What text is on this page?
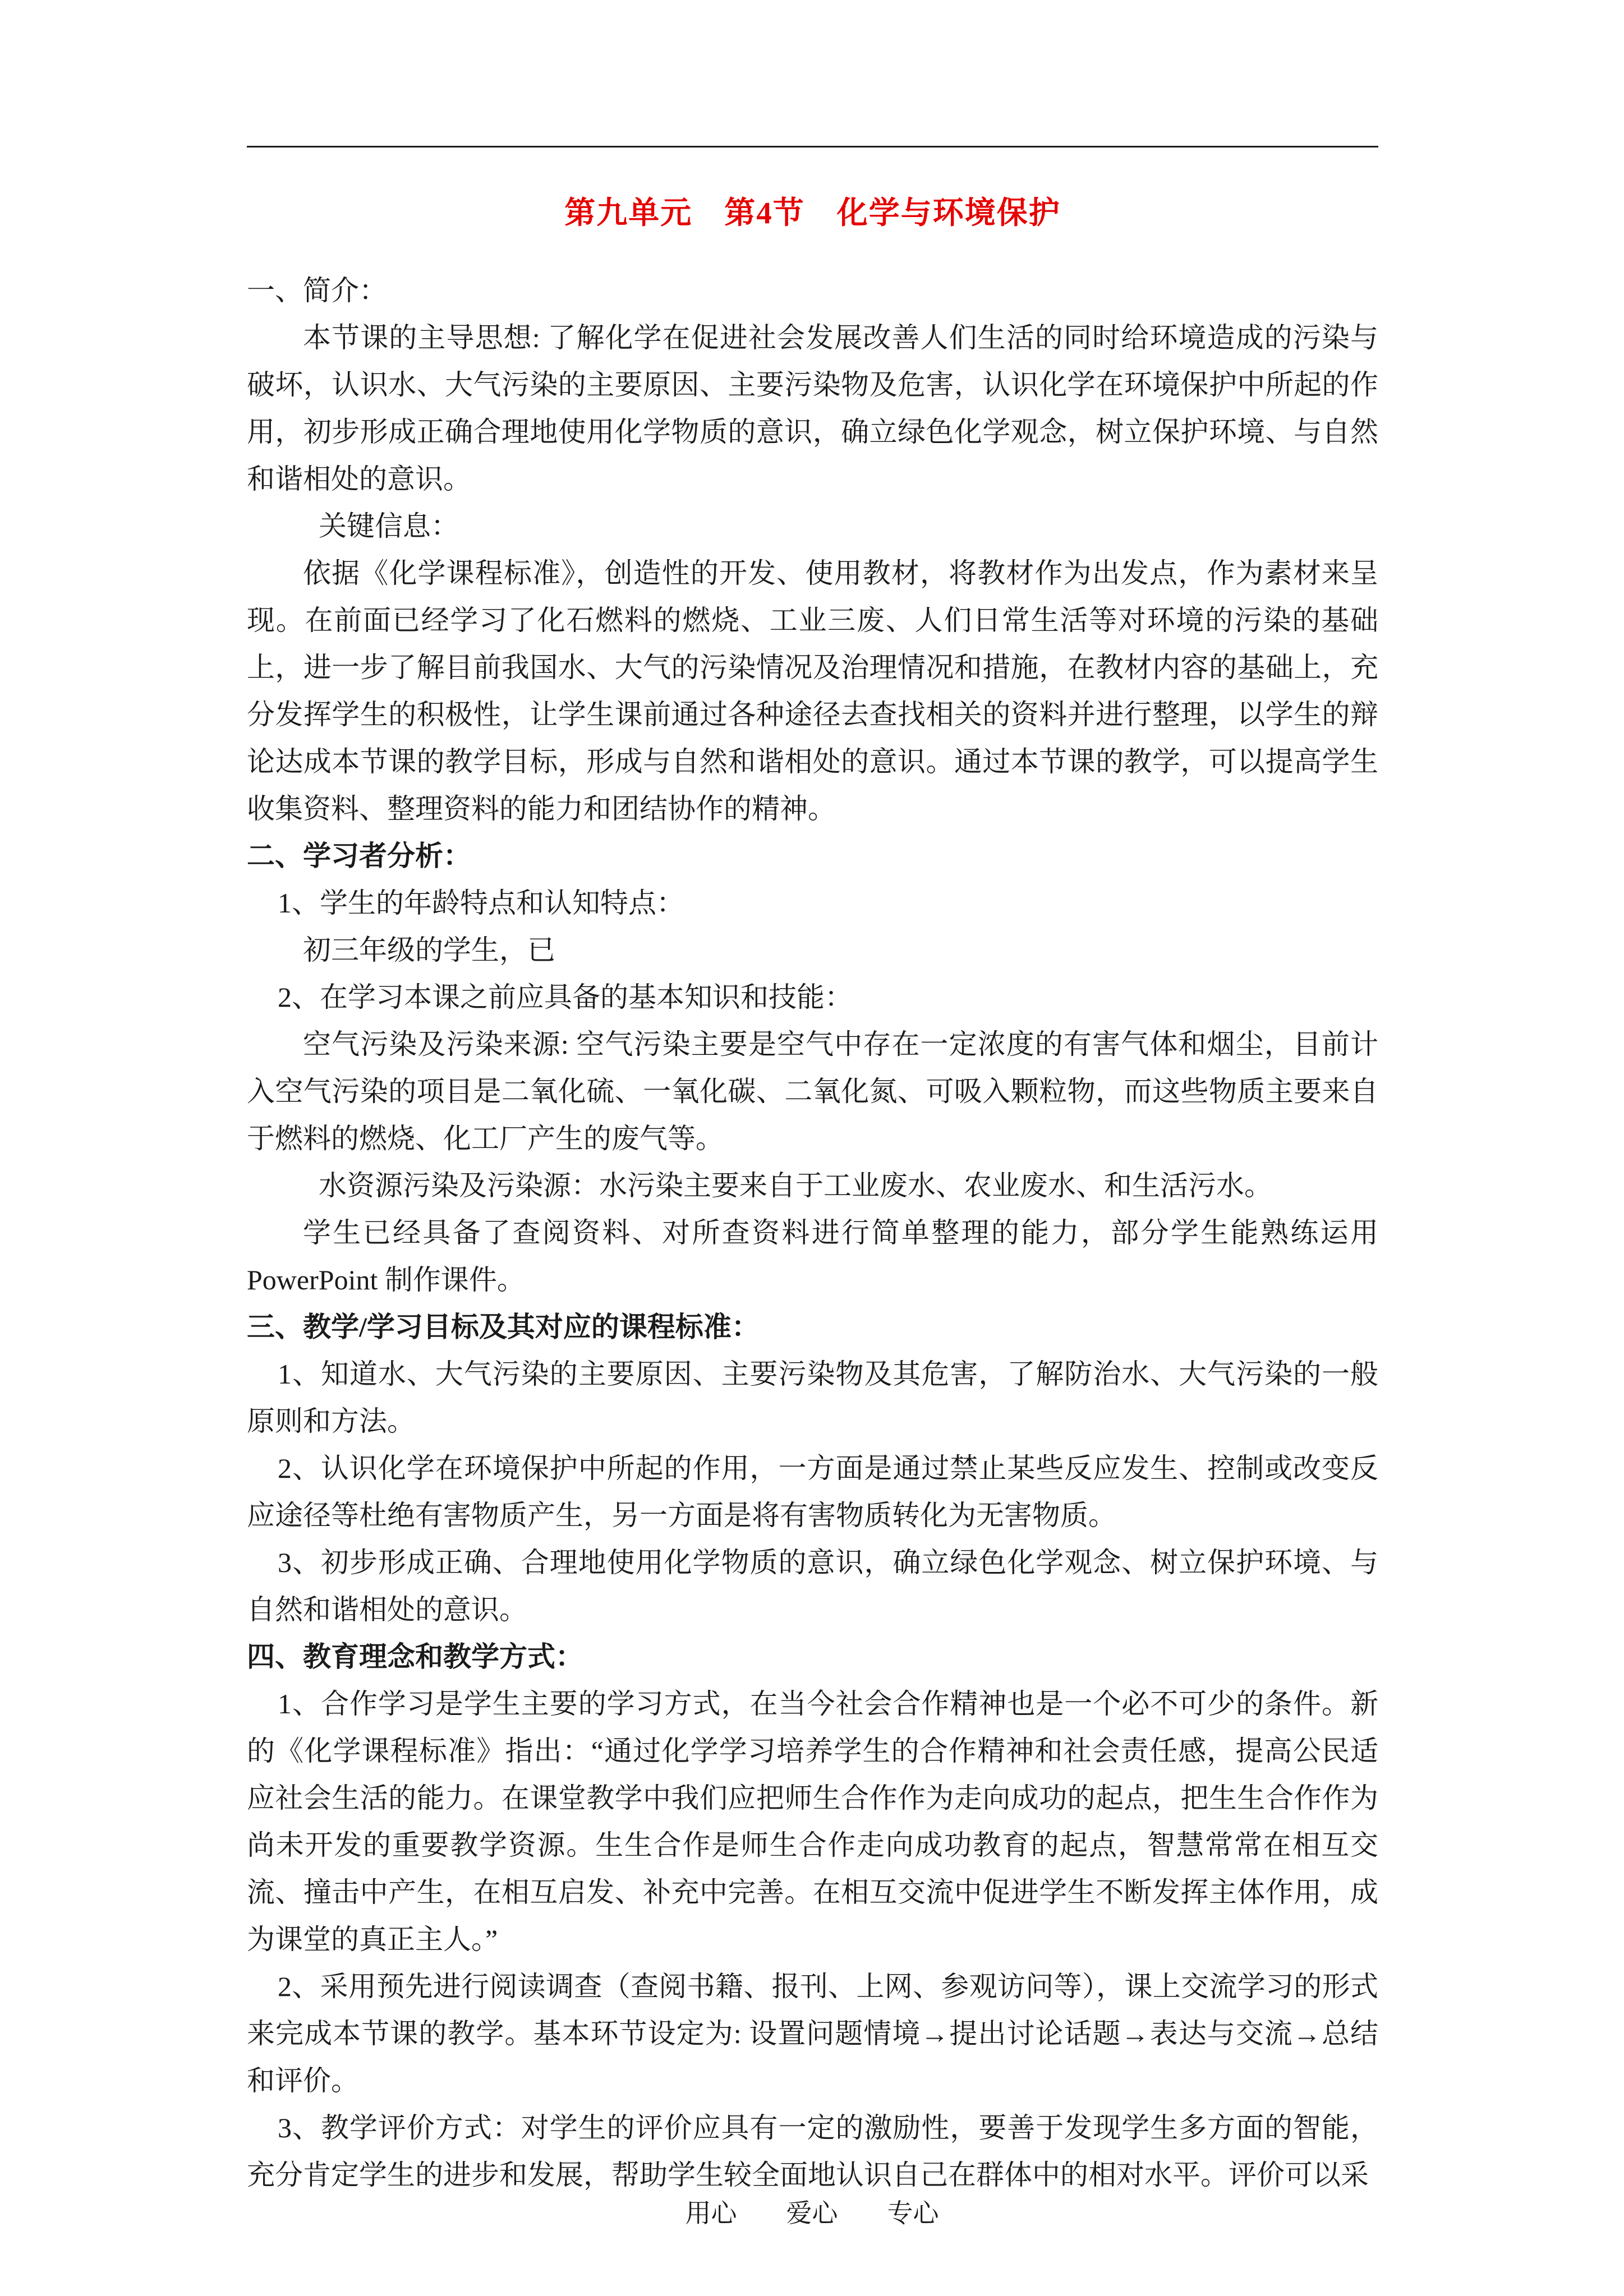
第九单元　第4节　化学与环境保护
一、简介：
本节课的主导思想: 了解化学在促进社会发展改善人们生活的同时给环境造成的污染与破坏，认识水、大气污染的主要原因、主要污染物及危害，认识化学在环境保护中所起的作用，初步形成正确合理地使用化学物质的意识，确立绿色化学观念，树立保护环境、与自然和谐相处的意识。
关键信息：
依据《化学课程标准》，创造性的开发、使用教材，将教材作为出发点，作为素材来呈现。在前面已经学习了化石燃料的燃烧、工业三废、人们日常生活等对环境的污染的基础上，进一步了解目前我国水、大气的污染情况及治理情况和措施，在教材内容的基础上，充分发挥学生的积极性，让学生课前通过各种途径去查找相关的资料并进行整理，以学生的辩论达成本节课的教学目标，形成与自然和谐相处的意识。通过本节课的教学，可以提高学生收集资料、整理资料的能力和团结协作的精神。
二、学习者分析：
1、学生的年龄特点和认知特点：
初三年级的学生，已
2、在学习本课之前应具备的基本知识和技能：
空气污染及污染来源: 空气污染主要是空气中存在一定浓度的有害气体和烟尘，目前计入空气污染的项目是二氧化硫、一氧化碳、二氧化氮、可吸入颗粒物，而这些物质主要来自于燃料的燃烧、化工厂产生的废气等。
水资源污染及污染源：水污染主要来自于工业废水、农业废水、和生活污水。
学生已经具备了查阅资料、对所查资料进行简单整理的能力，部分学生能熟练运用 PowerPoint 制作课件。
三、教学/学习目标及其对应的课程标准：
1、知道水、大气污染的主要原因、主要污染物及其危害，了解防治水、大气污染的一般原则和方法。
2、认识化学在环境保护中所起的作用，一方面是通过禁止某些反应发生、控制或改变反应途径等杜绝有害物质产生，另一方面是将有害物质转化为无害物质。
3、初步形成正确、合理地使用化学物质的意识，确立绿色化学观念、树立保护环境、与自然和谐相处的意识。
四、教育理念和教学方式：
1、合作学习是学生主要的学习方式，在当今社会合作精神也是一个必不可少的条件。新的《化学课程标准》指出：“通过化学学习培养学生的合作精神和社会责任感，提高公民适应社会生活的能力。在课堂教学中我们应把师生合作作为走向成功的起点，把生生合作作为尚未开发的重要教学资源。生生合作是师生合作走向成功教育的起点，智慧常常在相互交流、撞击中产生，在相互启发、补充中完善。在相互交流中促进学生不断发挥主体作用，成为课堂的真正主人。”
2、采用预先进行阅读调查（查阅书籍、报刊、上网、参观访问等），课上交流学习的形式来完成本节课的教学。基本环节设定为: 设置问题情境→提出讨论话题→表达与交流→总结和评价。
3、教学评价方式：对学生的评价应具有一定的激励性，要善于发现学生多方面的智能，充分肯定学生的进步和发展，帮助学生较全面地认识自己在群体中的相对水平。评价可以采
用心 爱心 专心
